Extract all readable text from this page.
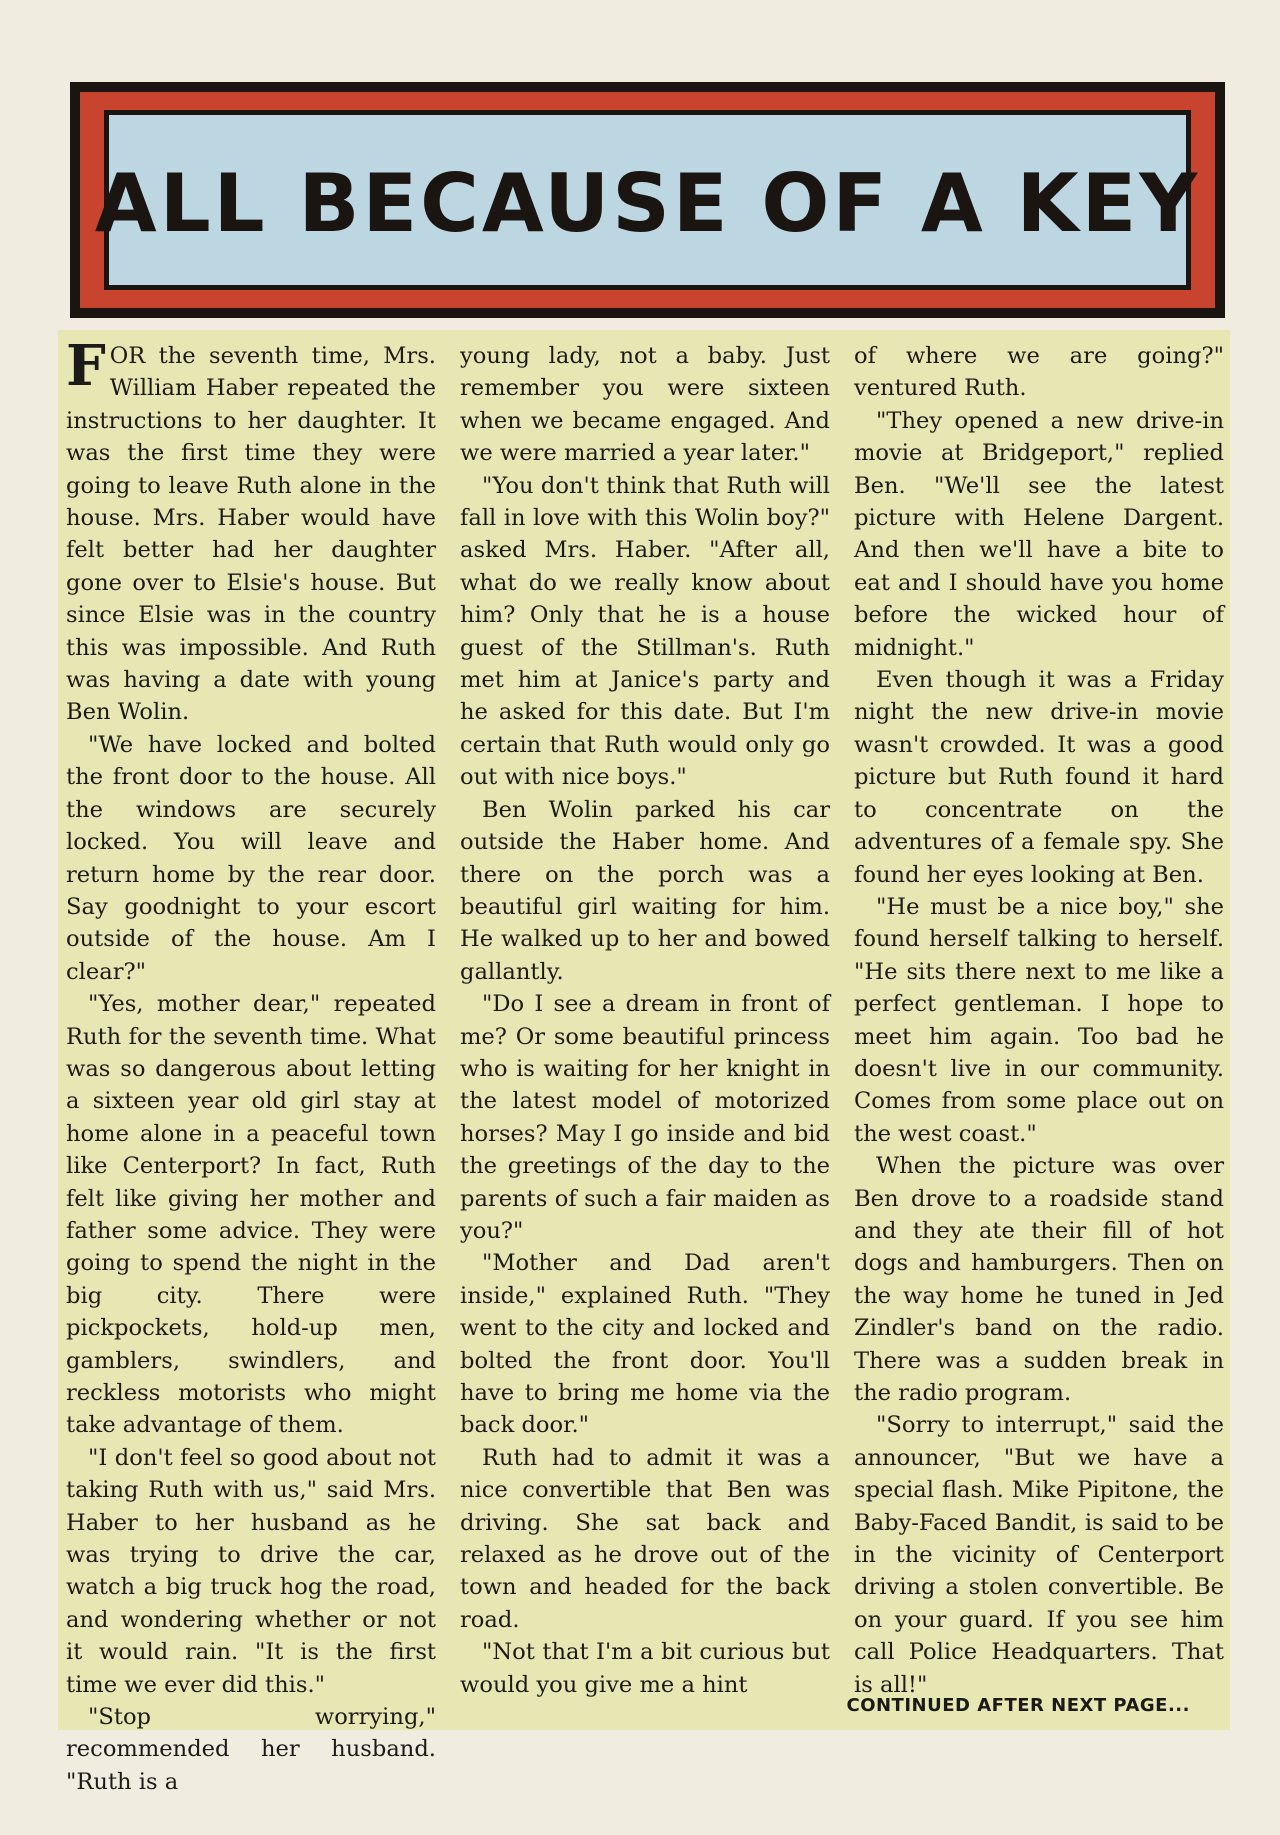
ALL BECAUSE OF A KEY

FOR the seventh time, Mrs. William Haber repeated the instructions to her daughter. It was the first time they were going to leave Ruth alone in the house. Mrs. Haber would have felt better had her daughter gone over to Elsie's house. But since Elsie was in the country this was impossible. And Ruth was having a date with young Ben Wolin.

"We have locked and bolted the front door to the house. All the windows are securely locked. You will leave and return home by the rear door. Say goodnight to your escort outside of the house. Am I clear?"

"Yes, mother dear," repeated Ruth for the seventh time. What was so dangerous about letting a sixteen year old girl stay at home alone in a peaceful town like Centerport? In fact, Ruth felt like giving her mother and father some advice. They were going to spend the night in the big city. There were pickpockets, hold-up men, gamblers, swindlers, and reckless motorists who might take advantage of them.

"I don't feel so good about not taking Ruth with us," said Mrs. Haber to her husband as he was trying to drive the car, watch a big truck hog the road, and wondering whether or not it would rain. "It is the first time we ever did this."

"Stop worrying," recommended her husband. "Ruth is a

young lady, not a baby. Just remember you were sixteen when we became engaged. And we were married a year later."

"You don't think that Ruth will fall in love with this Wolin boy?" asked Mrs. Haber. "After all, what do we really know about him? Only that he is a house guest of the Stillman's. Ruth met him at Janice's party and he asked for this date. But I'm certain that Ruth would only go out with nice boys."

Ben Wolin parked his car outside the Haber home. And there on the porch was a beautiful girl waiting for him. He walked up to her and bowed gallantly.

"Do I see a dream in front of me? Or some beautiful princess who is waiting for her knight in the latest model of motorized horses? May I go inside and bid the greetings of the day to the parents of such a fair maiden as you?"

"Mother and Dad aren't inside," explained Ruth. "They went to the city and locked and bolted the front door. You'll have to bring me home via the back door."

Ruth had to admit it was a nice convertible that Ben was driving. She sat back and relaxed as he drove out of the town and headed for the back road.

"Not that I'm a bit curious but would you give me a hint

of where we are going?" ventured Ruth.

"They opened a new drive-in movie at Bridgeport," replied Ben. "We'll see the latest picture with Helene Dargent. And then we'll have a bite to eat and I should have you home before the wicked hour of midnight."

Even though it was a Friday night the new drive-in movie wasn't crowded. It was a good picture but Ruth found it hard to concentrate on the adventures of a female spy. She found her eyes looking at Ben.

"He must be a nice boy," she found herself talking to herself. "He sits there next to me like a perfect gentleman. I hope to meet him again. Too bad he doesn't live in our community. Comes from some place out on the west coast."

When the picture was over Ben drove to a roadside stand and they ate their fill of hot dogs and hamburgers. Then on the way home he tuned in Jed Zindler's band on the radio. There was a sudden break in the radio program.

"Sorry to interrupt," said the announcer, "But we have a special flash. Mike Pipitone, the Baby-Faced Bandit, is said to be in the vicinity of Centerport driving a stolen convertible. Be on your guard. If you see him call Police Headquarters. That is all!"

CONTINUED AFTER NEXT PAGE...
